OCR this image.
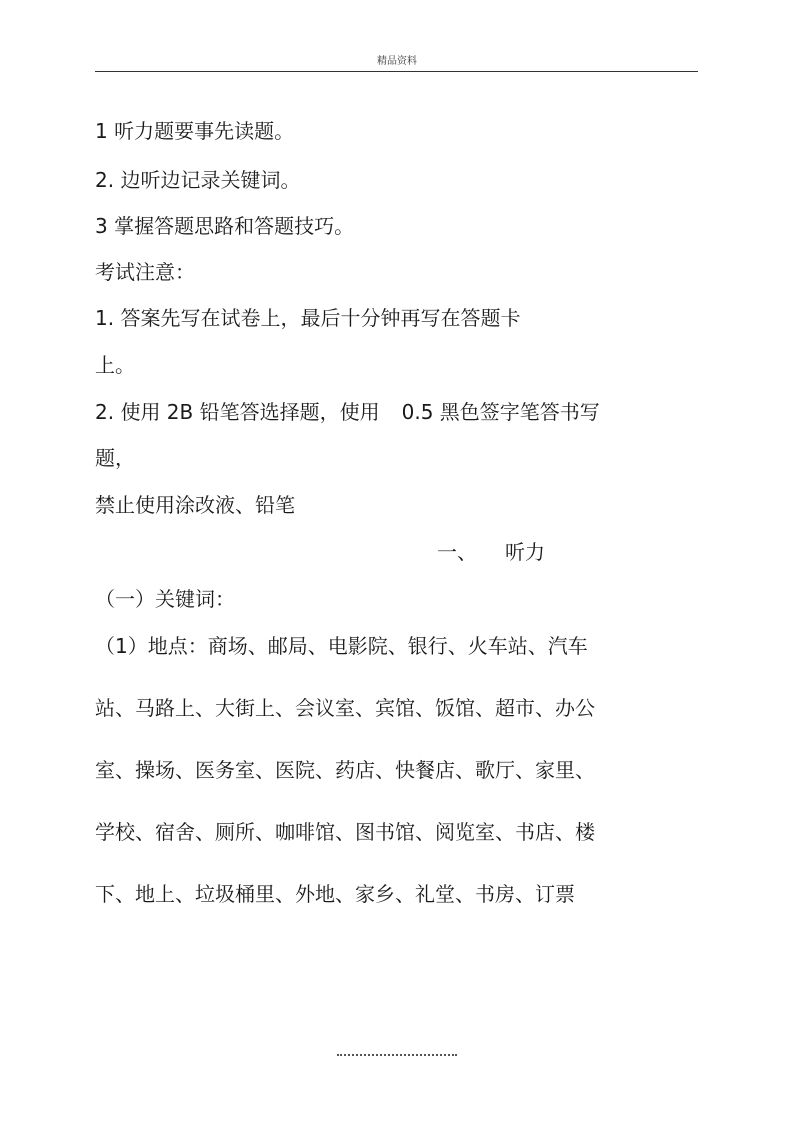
精品资料
1 听力题要事先读题。
2. 边听边记录关键词。
3 掌握答题思路和答题技巧。
考试注意：
1. 答案先写在试卷上，最后十分钟再写在答题卡
上。
2. 使用 2B 铅笔答选择题，使用 0.5 黑色签字笔答书写
题，
禁止使用涂改液、铅笔
一、 听力
（一）关键词：
（1）地点：商场、邮局、电影院、银行、火车站、汽车
站、马路上、大街上、会议室、宾馆、饭馆、超市、办公
室、操场、医务室、医院、药店、快餐店、歌厅、家里、
学校、宿舍、厕所、咖啡馆、图书馆、阅览室、书店、楼
下、地上、垃圾桶里、外地、家乡、礼堂、书房、订票
